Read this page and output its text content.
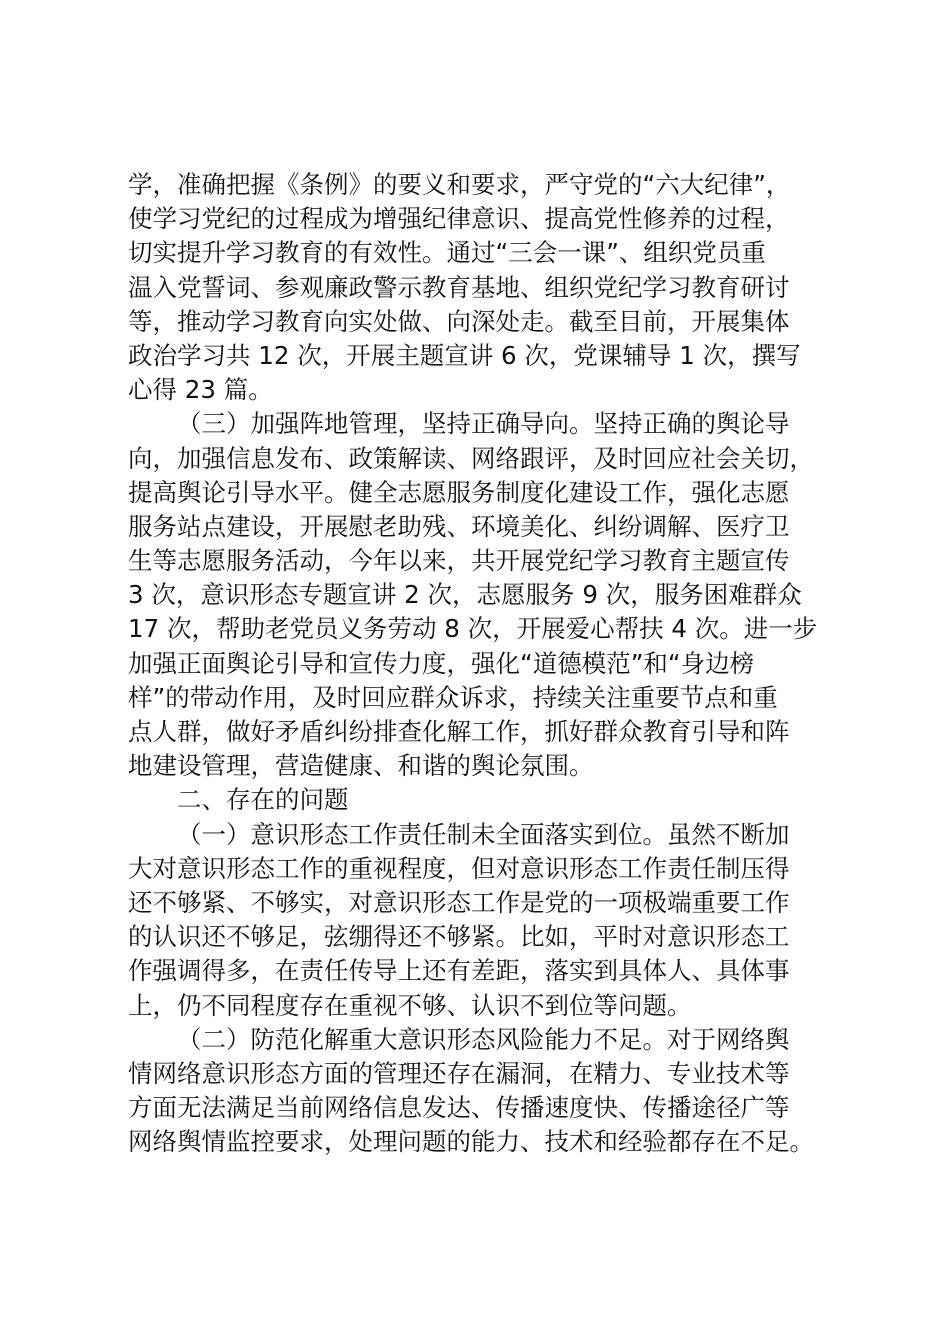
学，准确把握《条例》的要义和要求，严守党的“六大纪律”，
使学习党纪的过程成为增强纪律意识、提高党性修养的过程，
切实提升学习教育的有效性。通过“三会一课”、组织党员重
温入党誓词、参观廉政警示教育基地、组织党纪学习教育研讨
等，推动学习教育向实处做、向深处走。截至目前，开展集体
政治学习共 12 次，开展主题宣讲 6 次，党课辅导 1 次，撰写
心得 23 篇。
（三）加强阵地管理，坚持正确导向。坚持正确的舆论导
向，加强信息发布、政策解读、网络跟评，及时回应社会关切，
提高舆论引导水平。健全志愿服务制度化建设工作，强化志愿
服务站点建设，开展慰老助残、环境美化、纠纷调解、医疗卫
生等志愿服务活动，今年以来，共开展党纪学习教育主题宣传
3 次，意识形态专题宣讲 2 次，志愿服务 9 次，服务困难群众
17 次，帮助老党员义务劳动 8 次，开展爱心帮扶 4 次。进一步
加强正面舆论引导和宣传力度，强化“道德模范”和“身边榜
样”的带动作用，及时回应群众诉求，持续关注重要节点和重
点人群，做好矛盾纠纷排查化解工作，抓好群众教育引导和阵
地建设管理，营造健康、和谐的舆论氛围。
二、存在的问题
（一）意识形态工作责任制未全面落实到位。虽然不断加
大对意识形态工作的重视程度，但对意识形态工作责任制压得
还不够紧、不够实，对意识形态工作是党的一项极端重要工作
的认识还不够足，弦绷得还不够紧。比如，平时对意识形态工
作强调得多，在责任传导上还有差距，落实到具体人、具体事
上，仍不同程度存在重视不够、认识不到位等问题。
（二）防范化解重大意识形态风险能力不足。对于网络舆
情网络意识形态方面的管理还存在漏洞，在精力、专业技术等
方面无法满足当前网络信息发达、传播速度快、传播途径广等
网络舆情监控要求，处理问题的能力、技术和经验都存在不足。
